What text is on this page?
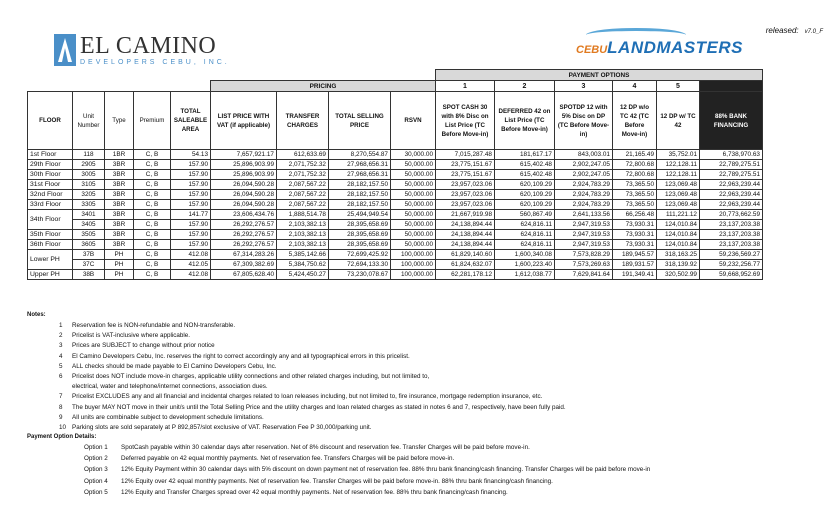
released: v7.0_F
EL CAMINO
DEVELOPERS CEBU, INC.
CEBU LANDMASTERS
									PAYMENT OPTIONS					
					PRICING				1	2	3	4	5	
FLOOR	Unit Number	Type	Premium	TOTAL SALEABLE AREA	LIST PRICE WITH VAT (if applicable)	TRANSFER CHARGES	TOTAL SELLING PRICE	RSVN	SPOT CASH 30 with 8% Disc on List Price (TC Before Move-in)	DEFERRED 42 on List Price (TC Before Move-in)	SPOTDP 12 with 5% Disc on DP (TC Before Move-in)	12 DP w/o TC 42 (TC Before Move-in)	12 DP w/ TC 42	88% BANK FINANCING
1st Floor	118	1BR	C, B	54.13	7,657,921.17	612,633.69	8,270,554.87	30,000.00	7,015,287.48	181,617.17	843,003.01	21,165.49	35,752.01	6,738,970.63
29th Floor	2905	3BR	C, B	157.90	25,896,903.99	2,071,752.32	27,968,656.31	50,000.00	23,775,151.67	615,402.48	2,902,247.05	72,800.68	122,128.11	22,789,275.51
30th Floor	3005	3BR	C, B	157.90	25,896,903.99	2,071,752.32	27,968,656.31	50,000.00	23,775,151.67	615,402.48	2,902,247.05	72,800.68	122,128.11	22,789,275.51
31st Floor	3105	3BR	C, B	157.90	26,094,590.28	2,087,567.22	28,182,157.50	50,000.00	23,957,023.06	620,109.29	2,924,783.29	73,365.50	123,069.48	22,963,239.44
32nd Floor	3205	3BR	C, B	157.90	26,094,590.28	2,087,567.22	28,182,157.50	50,000.00	23,957,023.06	620,109.29	2,924,783.29	73,365.50	123,069.48	22,963,239.44
33rd Floor	3305	3BR	C, B	157.90	26,094,590.28	2,087,567.22	28,182,157.50	50,000.00	23,957,023.06	620,109.29	2,924,783.29	73,365.50	123,069.48	22,963,239.44
34th Floor	3401	3BR	C, B	141.77	23,606,434.76	1,888,514.78	25,494,949.54	50,000.00	21,667,919.98	560,867.49	2,641,133.56	66,256.48	111,221.12	20,773,662.59
	3405	3BR	C, B	157.90	26,292,276.57	2,103,382.13	28,395,658.69	50,000.00	24,138,894.44	624,816.11	2,947,319.53	73,930.31	124,010.84	23,137,203.38
35th Floor	3505	3BR	C, B	157.90	26,292,276.57	2,103,382.13	28,395,658.69	50,000.00	24,138,894.44	624,816.11	2,947,319.53	73,930.31	124,010.84	23,137,203.38
36th Floor	3605	3BR	C, B	157.90	26,292,276.57	2,103,382.13	28,395,658.69	50,000.00	24,138,894.44	624,816.11	2,947,319.53	73,930.31	124,010.84	23,137,203.38
Lower PH	37B	PH	C, B	412.08	67,314,283.26	5,385,142.66	72,699,425.92	100,000.00	61,829,140.60	1,600,340.08	7,573,828.29	189,945.57	318,163.25	59,236,569.27
	37C	PH	C, B	412.05	67,309,382.69	5,384,750.62	72,694,133.30	100,000.00	61,824,632.07	1,600,223.40	7,573,269.63	189,931.57	318,139.92	59,232,256.77
Upper PH	38B	PH	C, B	412.08	67,805,628.40	5,424,450.27	73,230,078.67	100,000.00	62,281,178.12	1,612,038.77	7,629,841.64	191,349.41	320,502.99	59,668,952.69
Notes:
1 Reservation fee is NON-refundable and NON-transferable.
2 Pricelist is VAT-inclusive where applicable.
3 Prices are SUBJECT to change without prior notice
4 El Camino Developers Cebu, Inc. reserves the right to correct accordingly any and all typographical errors in this pricelist.
5 ALL checks should be made payable to El Camino Developers Cebu, Inc.
6 Pricelist does NOT include move-in charges, applicable utility connections and other related charges including, but not limited to,
electrical, water and telephone/internet connections, association dues.
7 Pricelist EXCLUDES any and all financial and incidental charges related to loan releases including, but not limited to, fire insurance, mortgage redemption insurance, etc.
8 The buyer MAY NOT move in their unit/s until the Total Selling Price and the utility charges and loan related charges as stated in notes 6 and 7, respectively, have been fully paid.
9 All units are combinable subject to development schedule limitations.
10 Parking slots are sold separately at P 892,857/slot exclusive of VAT. Reservation Fee P 30,000/parking unit.
Payment Option Details:
Option 1 SpotCash payable within 30 calendar days after reservation. Net of 8% discount and reservation fee. Transfer Charges will be paid before move-in.
Option 2 Deferred payable on 42 equal monthly payments. Net of reservation fee. Transfers Charges will be paid before move-in.
Option 3 12% Equity Payment within 30 calendar days with 5% discount on down payment net of reservation fee. 88% thru bank financing/cash financing. Transfer Charges will be paid before move-in
Option 4 12% Equity over 42 equal monthly payments. Net of reservation fee. Transfer Charges will be paid before move-in. 88% thru bank financing/cash financing.
Option 5 12% Equity and Transfer Charges spread over 42 equal monthly payments. Net of reservation fee. 88% thru bank financing/cash financing.
